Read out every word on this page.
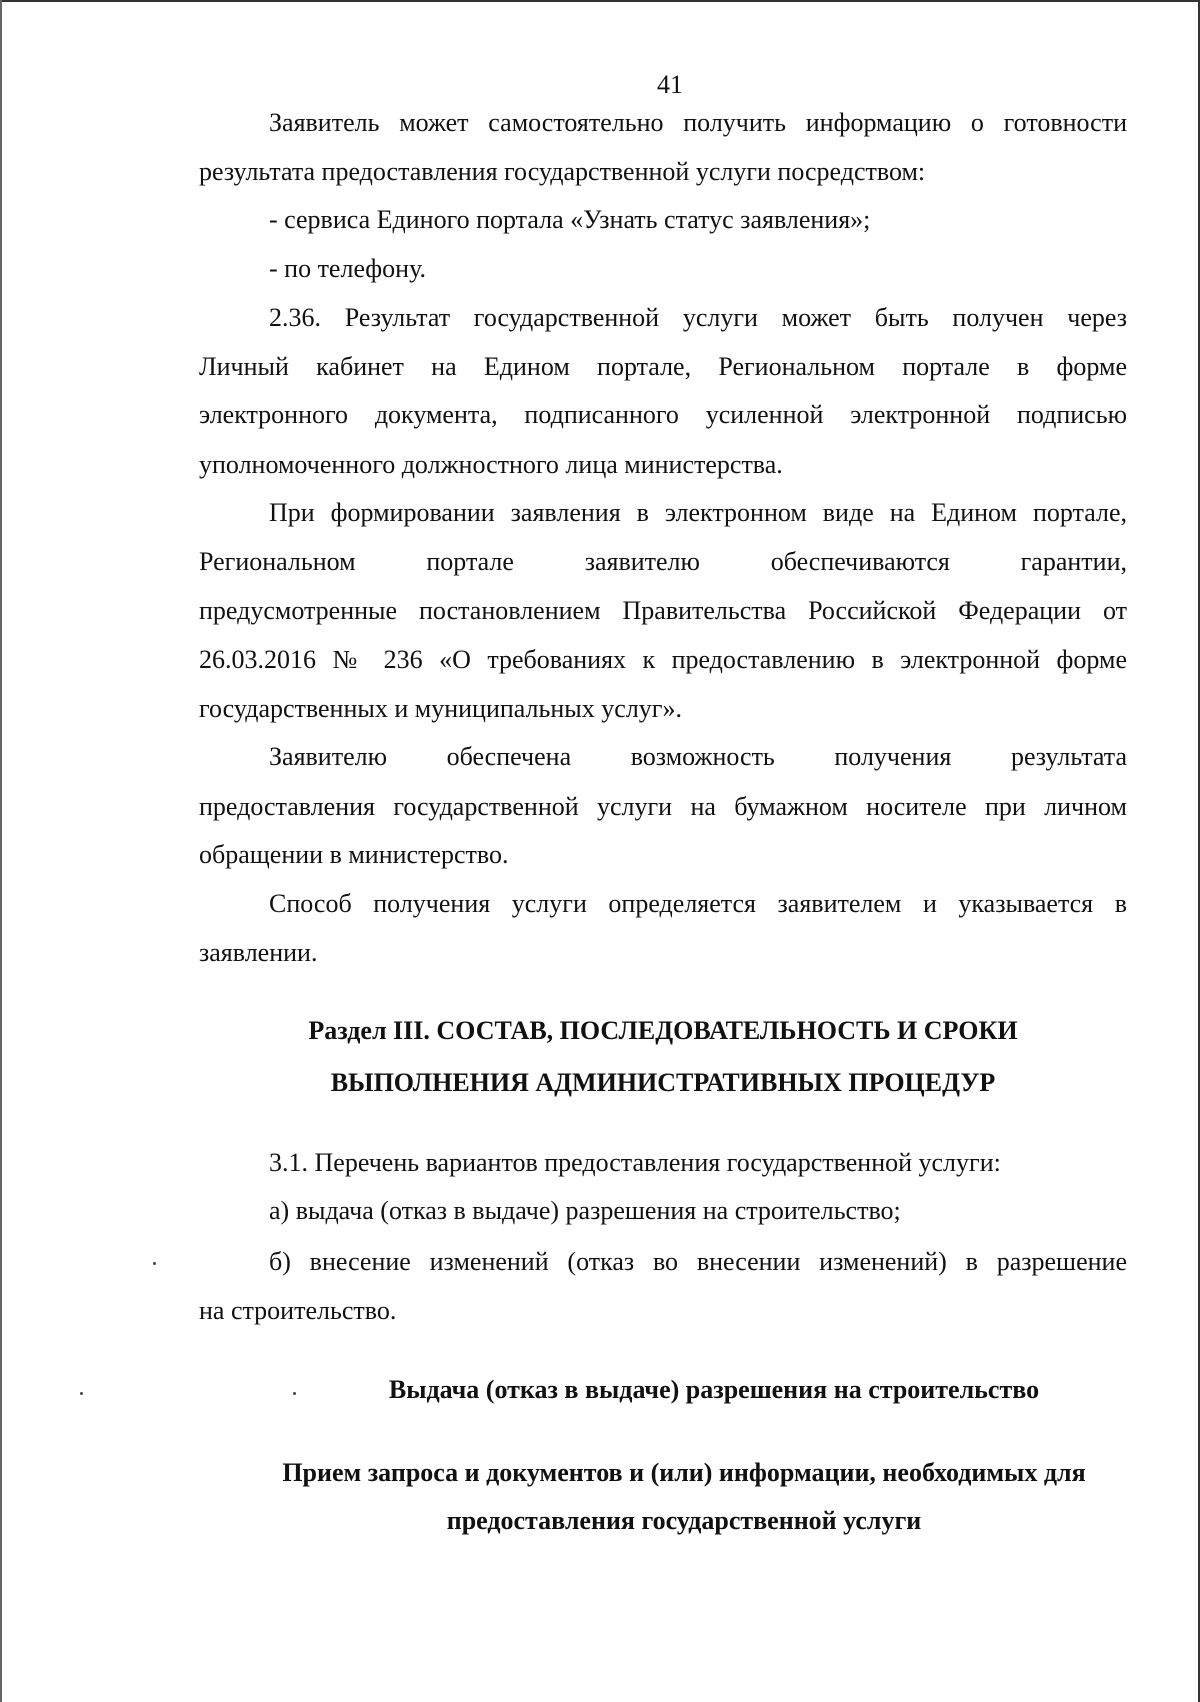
41
Заявитель может самостоятельно получить информацию о готовности
результата предоставления государственной услуги посредством:
- сервиса Единого портала «Узнать статус заявления»;
- по телефону.
2.36. Результат государственной услуги может быть получен через
Личный кабинет на Едином портале, Региональном портале в форме
электронного документа, подписанного усиленной электронной подписью
уполномоченного должностного лица министерства.
При формировании заявления в электронном виде на Едином портале,
Региональном портале заявителю обеспечиваются гарантии,
предусмотренные постановлением Правительства Российской Федерации от
26.03.2016 № 236 «О требованиях к предоставлению в электронной форме
государственных и муниципальных услуг».
Заявителю обеспечена возможность получения результата
предоставления государственной услуги на бумажном носителе при личном
обращении в министерство.
Способ получения услуги определяется заявителем и указывается в
заявлении.
Раздел III. СОСТАВ, ПОСЛЕДОВАТЕЛЬНОСТЬ И СРОКИ
ВЫПОЛНЕНИЯ АДМИНИСТРАТИВНЫХ ПРОЦЕДУР
3.1. Перечень вариантов предоставления государственной услуги:
а) выдача (отказ в выдаче) разрешения на строительство;
б) внесение изменений (отказ во внесении изменений) в разрешение
на строительство.
Выдача (отказ в выдаче) разрешения на строительство
Прием запроса и документов и (или) информации, необходимых для
предоставления государственной услуги
